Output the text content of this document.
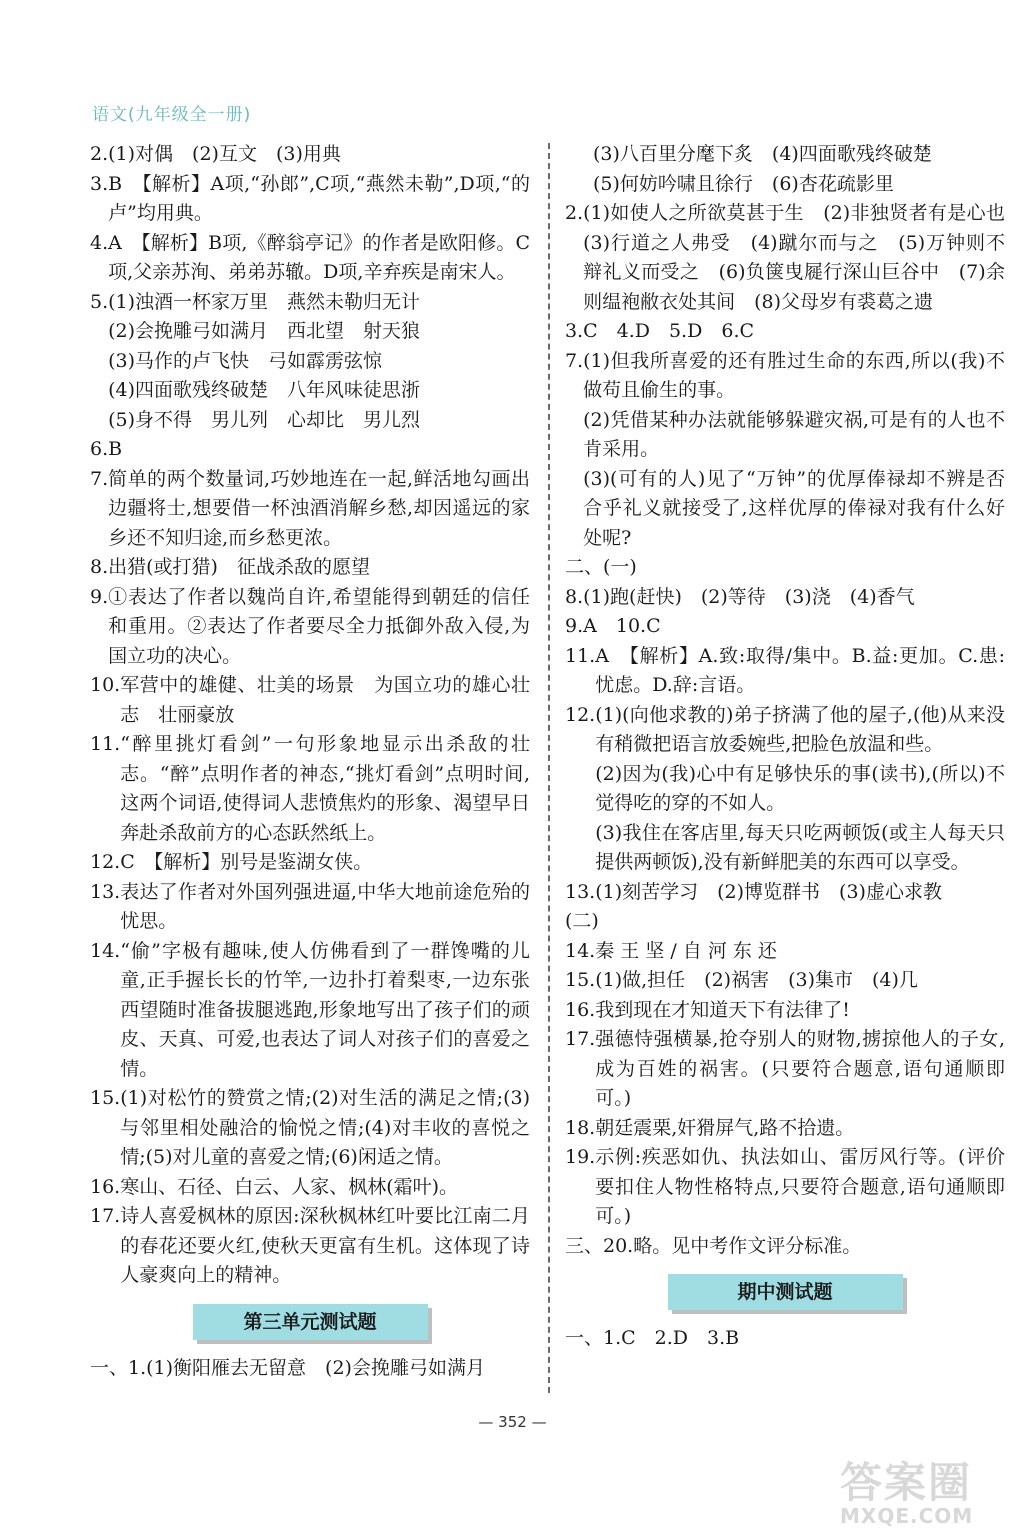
语文(九年级全一册)
2. (1)对偶　(2)互文　(3)用典
3. B　【解析】A项,“孙郎”,C项,“燕然未勒”,D项,“的卢”均用典。
4. A　【解析】B项,《醉翁亭记》的作者是欧阳修。C项,父亲苏洵、弟弟苏辙。D项,辛弃疾是南宋人。
5. (1)浊酒一杯家万里　燕然未勒归无计
(2)会挽雕弓如满月　西北望　射天狼
(3)马作的卢飞快　弓如霹雳弦惊
(4)四面歌残终破楚　八年风味徒思浙
(5)身不得　男儿列　心却比　男儿烈
6. B
7. 简单的两个数量词,巧妙地连在一起,鲜活地勾画出边疆将士,想要借一杯浊酒消解乡愁,却因遥远的家乡还不知归途,而乡愁更浓。
8. 出猎(或打猎)　征战杀敌的愿望
9. ①表达了作者以魏尚自许,希望能得到朝廷的信任和重用。②表达了作者要尽全力抵御外敌入侵,为国立功的决心。
10. 军营中的雄健、壮美的场景　为国立功的雄心壮志　壮丽豪放
11. “醉里挑灯看剑”一句形象地显示出杀敌的壮志。“醉”点明作者的神态,“挑灯看剑”点明时间,这两个词语,使得词人悲愤焦灼的形象、渴望早日奔赴杀敌前方的心态跃然纸上。
12. C　【解析】别号是鉴湖女侠。
13. 表达了作者对外国列强进逼,中华大地前途危殆的忧思。
14. “偷”字极有趣味,使人仿佛看到了一群馋嘴的儿童,正手握长长的竹竿,一边扑打着梨枣,一边东张西望随时准备拔腿逃跑,形象地写出了孩子们的顽皮、天真、可爱,也表达了词人对孩子们的喜爱之情。
15. (1)对松竹的赞赏之情;(2)对生活的满足之情;(3)与邻里相处融洽的愉悦之情;(4)对丰收的喜悦之情;(5)对儿童的喜爱之情;(6)闲适之情。
16. 寒山、石径、白云、人家、枫林(霜叶)。
17. 诗人喜爱枫林的原因:深秋枫林红叶要比江南二月的春花还要火红,使秋天更富有生机。这体现了诗人豪爽向上的精神。
第三单元测试题
一、1.(1)衡阳雁去无留意　(2)会挽雕弓如满月
(3)八百里分麾下炙　(4)四面歌残终破楚
(5)何妨吟啸且徐行　(6)杏花疏影里
2. (1)如使人之所欲莫甚于生　(2)非独贤者有是心也　(3)行道之人弗受　(4)蹴尔而与之　(5)万钟则不辩礼义而受之　(6)负箧曳屣行深山巨谷中　(7)余则缊袍敝衣处其间　(8)父母岁有裘葛之遗
3.C　4.D　5.D　6.C
7. (1)但我所喜爱的还有胜过生命的东西,所以(我)不做苟且偷生的事。
(2)凭借某种办法就能够躲避灾祸,可是有的人也不肯采用。
(3)(可有的人)见了“万钟”的优厚俸禄却不辨是否合乎礼义就接受了,这样优厚的俸禄对我有什么好处呢?
二、(一)
8. (1)跑(赶快)　(2)等待　(3)浇　(4)香气
9.A　10.C
11. A　【解析】A.致:取得/集中。B.益:更加。C.患:忧虑。D.辞:言语。
12. (1)(向他求教的)弟子挤满了他的屋子,(他)从来没有稍微把语言放委婉些,把脸色放温和些。
(2)因为(我)心中有足够快乐的事(读书),(所以)不觉得吃的穿的不如人。
(3)我住在客店里,每天只吃两顿饭(或主人每天只提供两顿饭),没有新鲜肥美的东西可以享受。
13. (1)刻苦学习　(2)博览群书　(3)虚心求教
(二)
14. 秦 王 坚 / 自 河 东 还
15. (1)做,担任　(2)祸害　(3)集市　(4)几
16. 我到现在才知道天下有法律了!
17. 强德恃强横暴,抢夺别人的财物,掳掠他人的子女,成为百姓的祸害。(只要符合题意,语句通顺即可。)
18. 朝廷震栗,奸猾屏气,路不拾遗。
19. 示例:疾恶如仇、执法如山、雷厉风行等。(评价要扣住人物性格特点,只要符合题意,语句通顺即可。)
三、20.略。见中考作文评分标准。
期中测试题
一、1.C　2.D　3.B
— 352 —
答案圈
MXQE.COM
